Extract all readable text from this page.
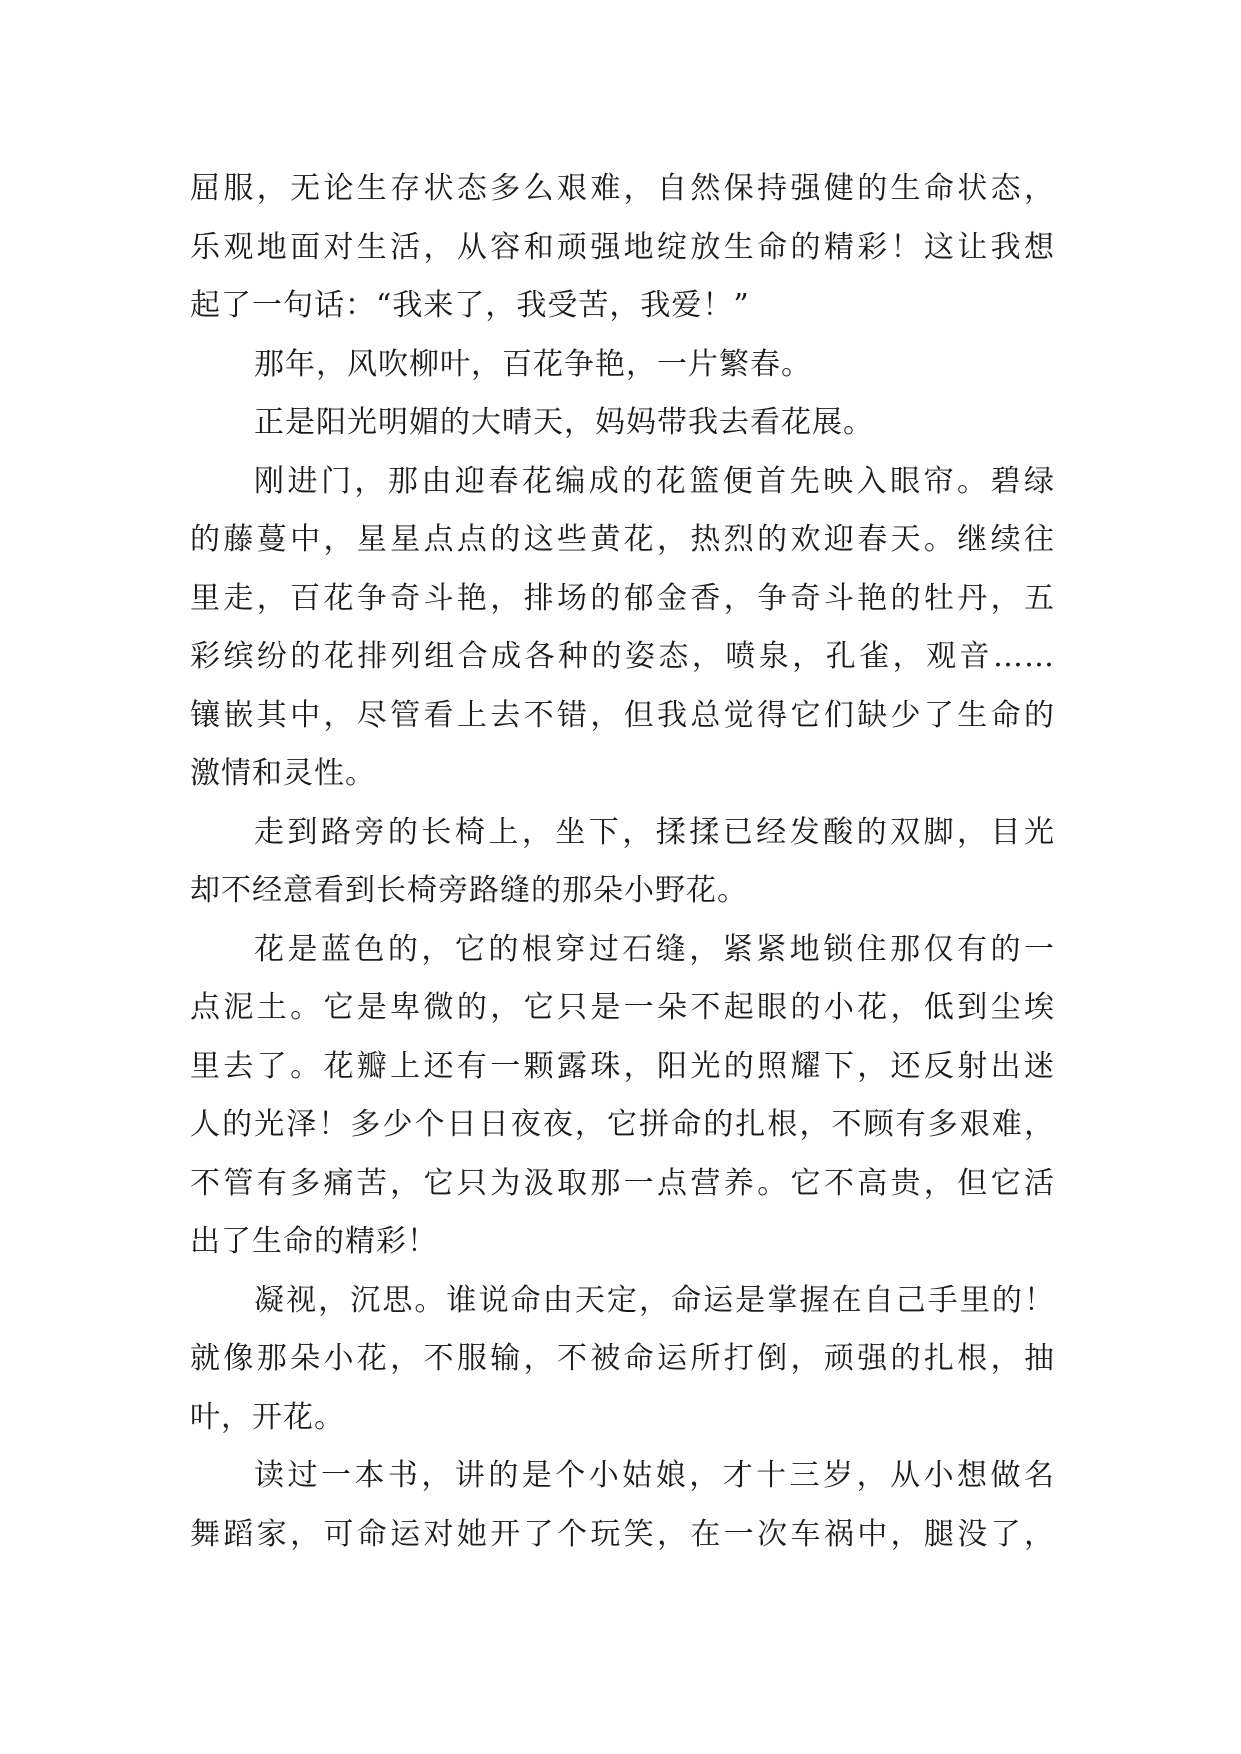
屈服，无论生存状态多么艰难，自然保持强健的生命状态，
乐观地面对生活，从容和顽强地绽放生命的精彩！这让我想
起了一句话：“我来了，我受苦，我爱！”
那年，风吹柳叶，百花争艳，一片繁春。
正是阳光明媚的大晴天，妈妈带我去看花展。
刚进门，那由迎春花编成的花篮便首先映入眼帘。碧绿
的藤蔓中，星星点点的这些黄花，热烈的欢迎春天。继续往
里走，百花争奇斗艳，排场的郁金香，争奇斗艳的牡丹，五
彩缤纷的花排列组合成各种的姿态，喷泉，孔雀，观音……
镶嵌其中，尽管看上去不错，但我总觉得它们缺少了生命的
激情和灵性。
走到路旁的长椅上，坐下，揉揉已经发酸的双脚，目光
却不经意看到长椅旁路缝的那朵小野花。
花是蓝色的，它的根穿过石缝，紧紧地锁住那仅有的一
点泥土。它是卑微的，它只是一朵不起眼的小花，低到尘埃
里去了。花瓣上还有一颗露珠，阳光的照耀下，还反射出迷
人的光泽！多少个日日夜夜，它拼命的扎根，不顾有多艰难，
不管有多痛苦，它只为汲取那一点营养。它不高贵，但它活
出了生命的精彩！
凝视，沉思。谁说命由天定，命运是掌握在自己手里的！
就像那朵小花，不服输，不被命运所打倒，顽强的扎根，抽
叶，开花。
读过一本书，讲的是个小姑娘，才十三岁，从小想做名
舞蹈家，可命运对她开了个玩笑，在一次车祸中，腿没了，
